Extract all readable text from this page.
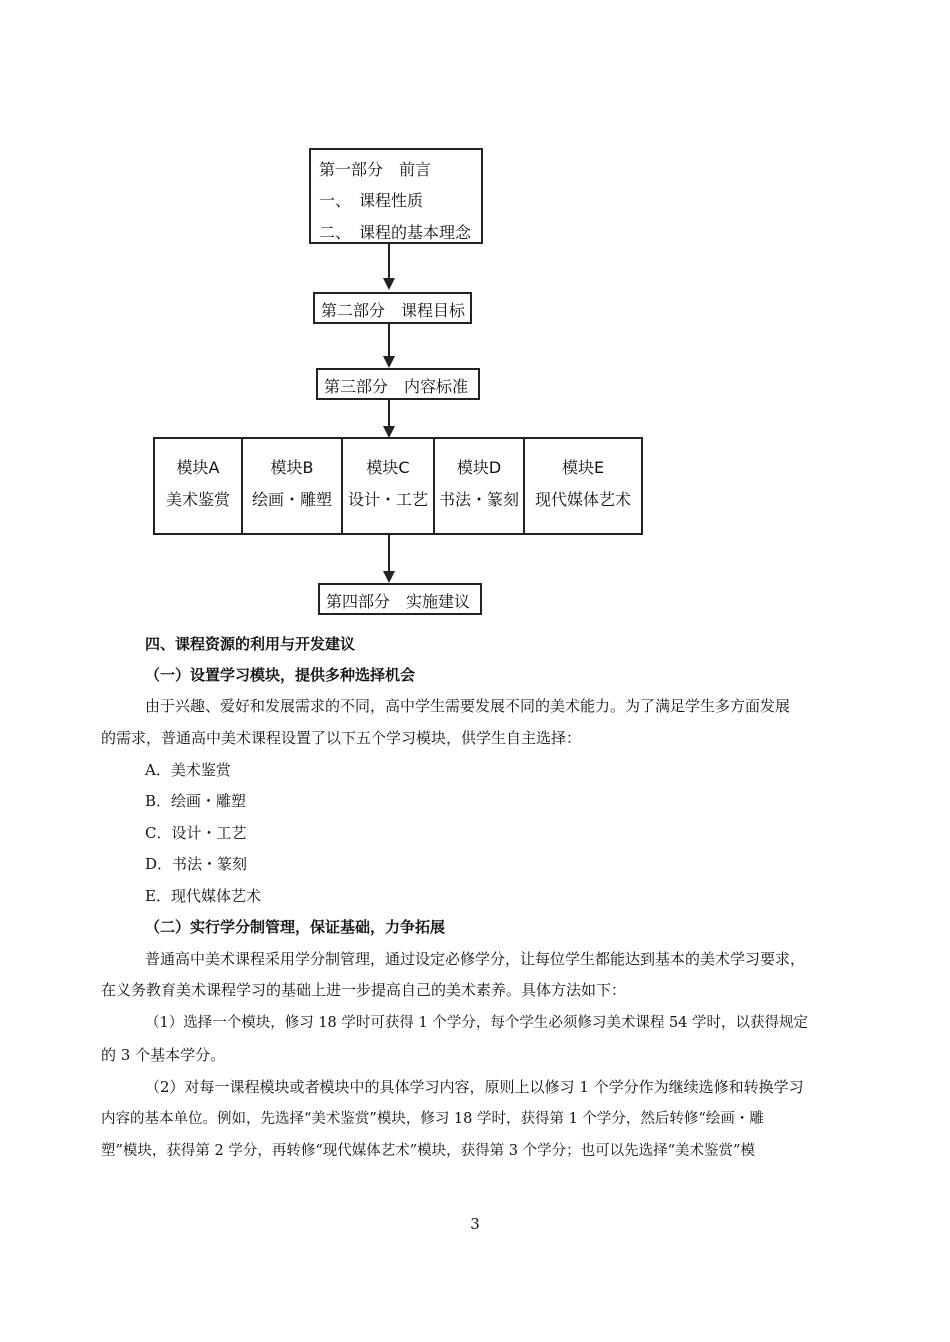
第一部分　前言
一、　课程性质
二、　课程的基本理念
第二部分　课程目标
第三部分　内容标准
模块A
美术鉴赏
模块B
绘画・雕塑
模块C
设计・工艺
模块D
书法・篆刻
模块E
现代媒体艺术
第四部分　实施建议
四、课程资源的利用与开发建议
（一）设置学习模块，提供多种选择机会
由于兴趣、爱好和发展需求的不同，高中学生需要发展不同的美术能力。为了满足学生多方面发展
的需求，普通高中美术课程设置了以下五个学习模块，供学生自主选择：
A．美术鉴赏
B．绘画・雕塑
C．设计・工艺
D．书法・篆刻
E．现代媒体艺术
（二）实行学分制管理，保证基础，力争拓展
普通高中美术课程采用学分制管理，通过设定必修学分，让每位学生都能达到基本的美术学习要求，
在义务教育美术课程学习的基础上进一步提高自己的美术素养。具体方法如下：
（1）选择一个模块，修习 18 学时可获得 1 个学分，每个学生必须修习美术课程 54 学时，以获得规定
的 3 个基本学分。
（2）对每一课程模块或者模块中的具体学习内容，原则上以修习 1 个学分作为继续选修和转换学习
内容的基本单位。例如，先选择“美术鉴赏”模块，修习 18 学时，获得第 1 个学分，然后转修“绘画・雕
塑”模块，获得第 2 学分，再转修“现代媒体艺术”模块，获得第 3 个学分；也可以先选择“美术鉴赏”模
3
